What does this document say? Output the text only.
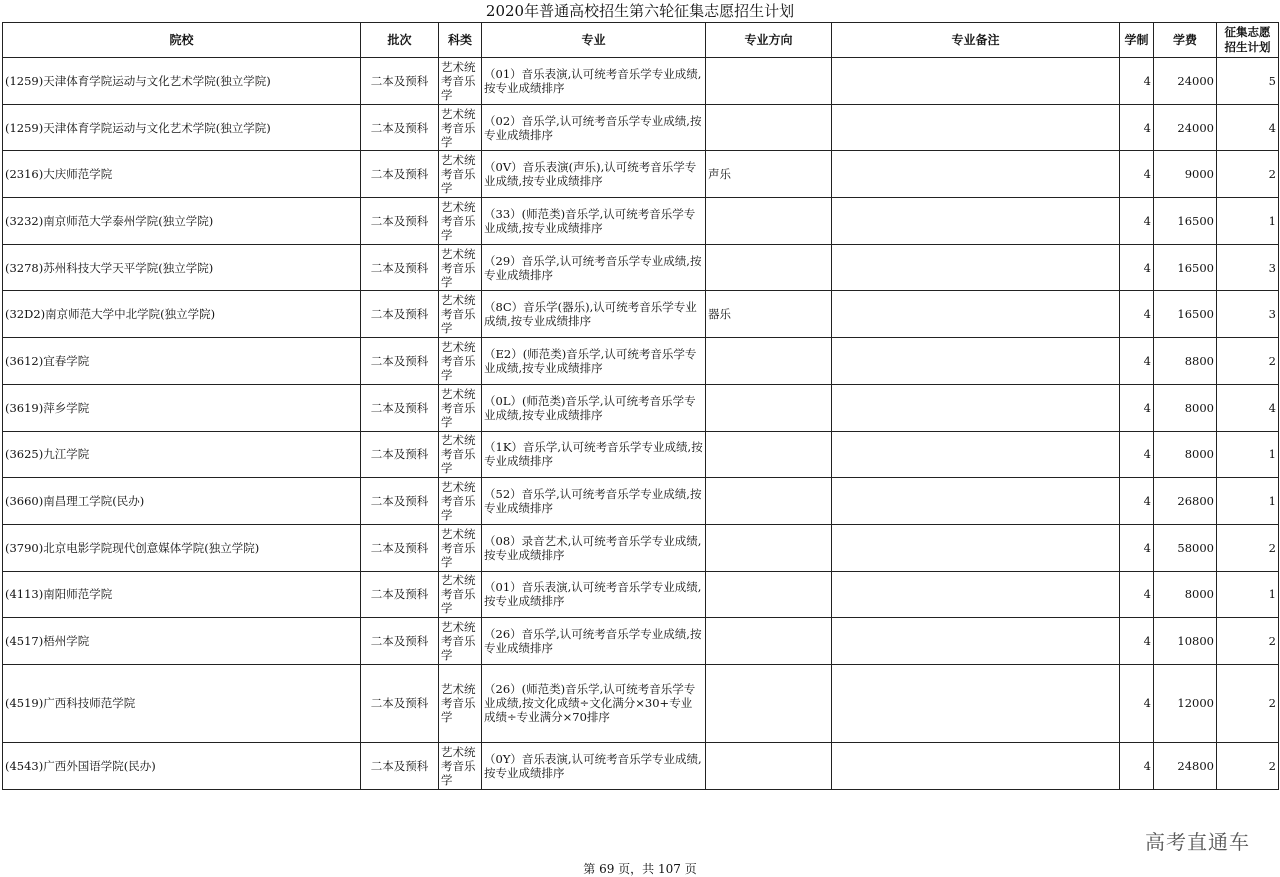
2020年普通高校招生第六轮征集志愿招生计划
院校	批次	科类	专业	专业方向	专业备注	学制	学费	征集志愿招生计划
(1259)天津体育学院运动与文化艺术学院(独立学院)	二本及预科	艺术统考音乐学	（01）音乐表演,认可统考音乐学专业成绩,按专业成绩排序			4	24000	5
(1259)天津体育学院运动与文化艺术学院(独立学院)	二本及预科	艺术统考音乐学	（02）音乐学,认可统考音乐学专业成绩,按专业成绩排序			4	24000	4
(2316)大庆师范学院	二本及预科	艺术统考音乐学	（0V）音乐表演(声乐),认可统考音乐学专业成绩,按专业成绩排序	声乐		4	9000	2
(3232)南京师范大学泰州学院(独立学院)	二本及预科	艺术统考音乐学	（33）(师范类)音乐学,认可统考音乐学专业成绩,按专业成绩排序			4	16500	1
(3278)苏州科技大学天平学院(独立学院)	二本及预科	艺术统考音乐学	（29）音乐学,认可统考音乐学专业成绩,按专业成绩排序			4	16500	3
(32D2)南京师范大学中北学院(独立学院)	二本及预科	艺术统考音乐学	（8C）音乐学(器乐),认可统考音乐学专业成绩,按专业成绩排序	器乐		4	16500	3
(3612)宜春学院	二本及预科	艺术统考音乐学	（E2）(师范类)音乐学,认可统考音乐学专业成绩,按专业成绩排序			4	8800	2
(3619)萍乡学院	二本及预科	艺术统考音乐学	（0L）(师范类)音乐学,认可统考音乐学专业成绩,按专业成绩排序			4	8000	4
(3625)九江学院	二本及预科	艺术统考音乐学	（1K）音乐学,认可统考音乐学专业成绩,按专业成绩排序			4	8000	1
(3660)南昌理工学院(民办)	二本及预科	艺术统考音乐学	（52）音乐学,认可统考音乐学专业成绩,按专业成绩排序			4	26800	1
(3790)北京电影学院现代创意媒体学院(独立学院)	二本及预科	艺术统考音乐学	（08）录音艺术,认可统考音乐学专业成绩,按专业成绩排序			4	58000	2
(4113)南阳师范学院	二本及预科	艺术统考音乐学	（01）音乐表演,认可统考音乐学专业成绩,按专业成绩排序			4	8000	1
(4517)梧州学院	二本及预科	艺术统考音乐学	（26）音乐学,认可统考音乐学专业成绩,按专业成绩排序			4	10800	2
(4519)广西科技师范学院	二本及预科	艺术统考音乐学	（26）(师范类)音乐学,认可统考音乐学专业成绩,按文化成绩÷文化满分×30+专业成绩÷专业满分×70排序			4	12000	2
(4543)广西外国语学院(民办)	二本及预科	艺术统考音乐学	（0Y）音乐表演,认可统考音乐学专业成绩,按专业成绩排序			4	24800	2
第 69 页，共 107 页
高考直通车
